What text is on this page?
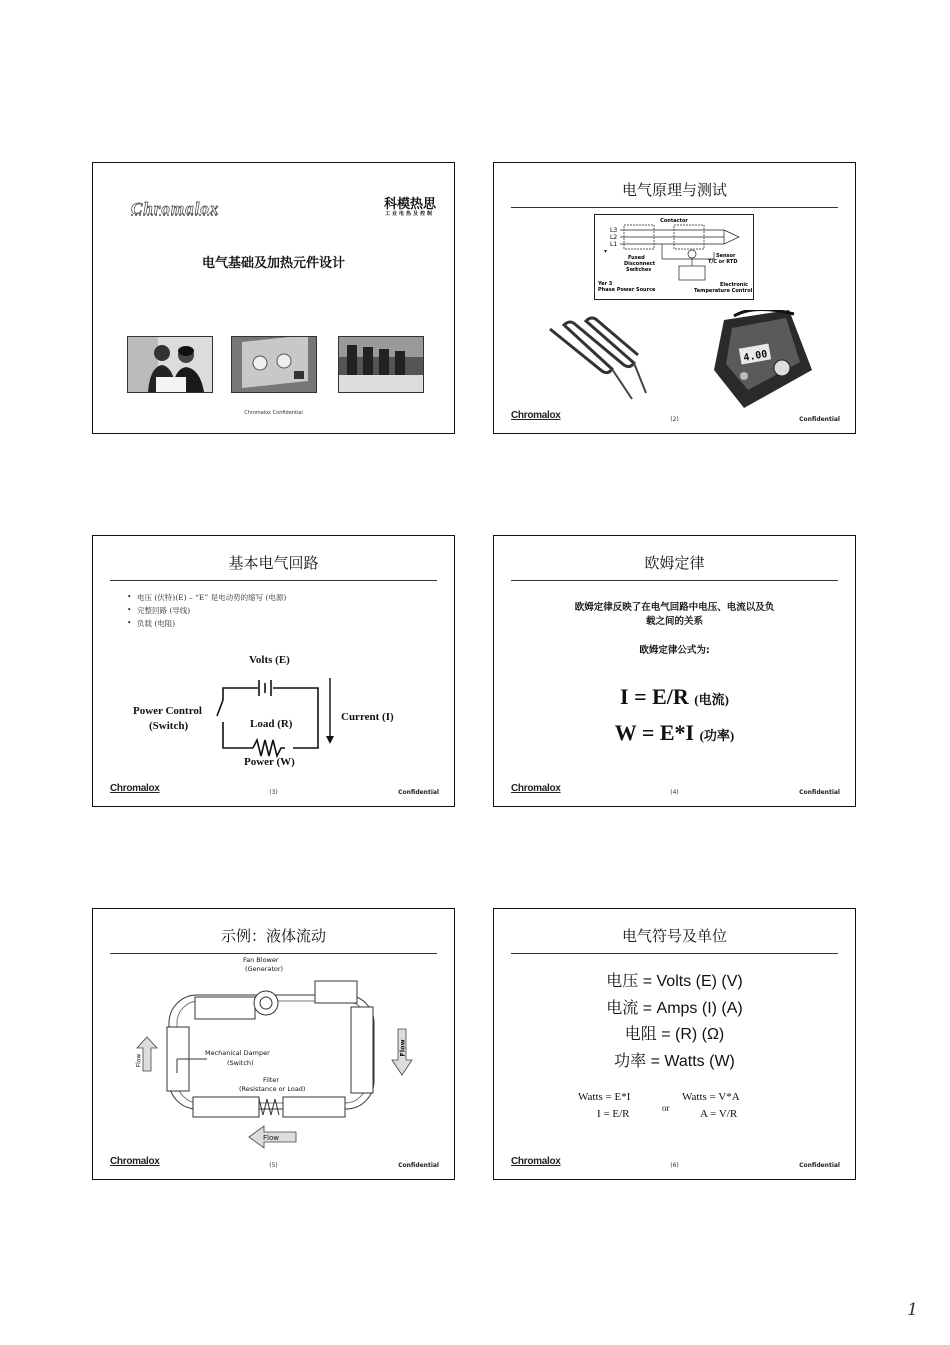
Chromalox	科模热思
工业电热及控制
电气基础及加热元件设计
Chromalox Confidential
电气原理与测试
Contactor
L3
L2
L1
Fused
Disconnect
Switches
Sensor
T/C or RTD
Yer 3
Phase Power Source
Electronic
Temperature Control
4.00
Chromalox	(2)	Confidential
基本电气回路
• 电压 (伏特)(E) – “E” 是电动势的缩写 (电源)
• 完整回路 (导线)
• 负载 (电阻)
Volts (E)
Power Control
(Switch)	Load (R)
Current (I)
Power (W)
Chromalox	(3)	Confidential
欧姆定律
欧姆定律反映了在电气回路中电压、电流以及负
载之间的关系
欧姆定律公式为:
I = E/R (电流)
W = E*I (功率)
Chromalox	(4)	Confidential
示例：液体流动
Fan Blower
(Generator)
Mechanical Damper
(Switch)
Filter
(Resistance or Load)
Flow
Flow
Flow
Chromalox	(5)	Confidential
电气符号及单位
电压 = Volts (E) (V)
电流 = Amps (I) (A)
电阻 = (R) (Ω)
功率 = Watts (W)
Watts = E*I
I = E/R	or
Watts = V*A
A = V/R
Chromalox	(6)	Confidential
1
